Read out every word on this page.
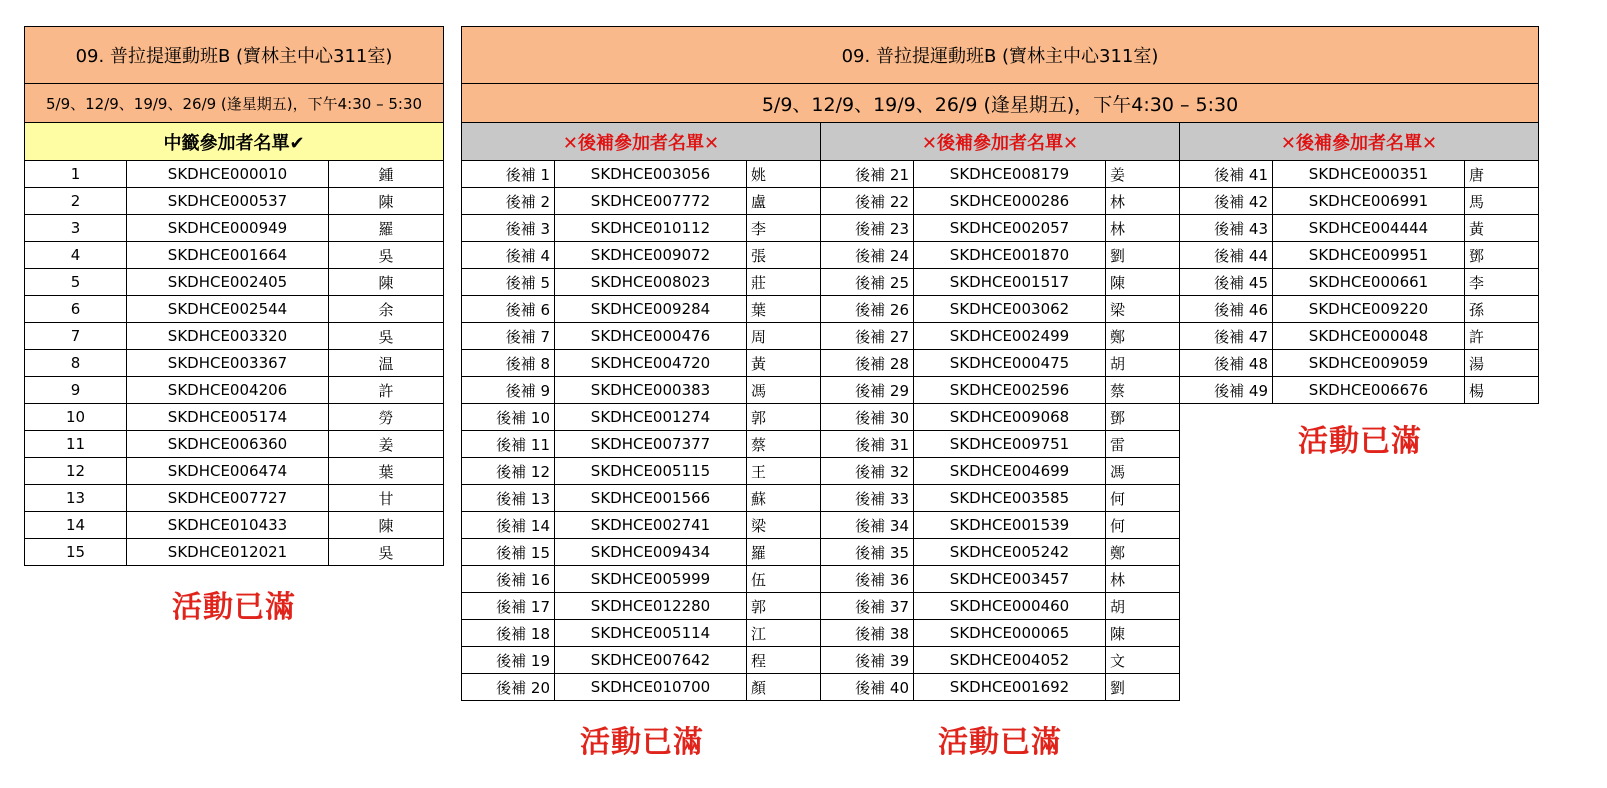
09. 普拉提運動班B (寶林主中心311室)		
5/9、12/9、19/9、26/9 (逢星期五)，下午4:30 – 5:30		
中籤參加者名單✔		
1	SKDHCE000010	鍾
2	SKDHCE000537	陳
3	SKDHCE000949	羅
4	SKDHCE001664	吳
5	SKDHCE002405	陳
6	SKDHCE002544	余
7	SKDHCE003320	吳
8	SKDHCE003367	温
9	SKDHCE004206	許
10	SKDHCE005174	勞
11	SKDHCE006360	姜
12	SKDHCE006474	葉
13	SKDHCE007727	甘
14	SKDHCE010433	陳
15	SKDHCE012021	吳
活動已滿
09. 普拉提運動班B (寶林主中心311室)								
5/9、12/9、19/9、26/9 (逢星期五)，下午4:30 – 5:30								
✕後補參加者名單✕			✕後補參加者名單✕			✕後補參加者名單✕		
後補 1	SKDHCE003056	姚	後補 21	SKDHCE008179	姜	後補 41	SKDHCE000351	唐
後補 2	SKDHCE007772	盧	後補 22	SKDHCE000286	林	後補 42	SKDHCE006991	馬
後補 3	SKDHCE010112	李	後補 23	SKDHCE002057	林	後補 43	SKDHCE004444	黃
後補 4	SKDHCE009072	張	後補 24	SKDHCE001870	劉	後補 44	SKDHCE009951	鄧
後補 5	SKDHCE008023	莊	後補 25	SKDHCE001517	陳	後補 45	SKDHCE000661	李
後補 6	SKDHCE009284	葉	後補 26	SKDHCE003062	梁	後補 46	SKDHCE009220	孫
後補 7	SKDHCE000476	周	後補 27	SKDHCE002499	鄭	後補 47	SKDHCE000048	許
後補 8	SKDHCE004720	黃	後補 28	SKDHCE000475	胡	後補 48	SKDHCE009059	湯
後補 9	SKDHCE000383	馮	後補 29	SKDHCE002596	蔡	後補 49	SKDHCE006676	楊
後補 10	SKDHCE001274	郭	後補 30	SKDHCE009068	鄧			
後補 11	SKDHCE007377	蔡	後補 31	SKDHCE009751	雷			
後補 12	SKDHCE005115	王	後補 32	SKDHCE004699	馮			
後補 13	SKDHCE001566	蘇	後補 33	SKDHCE003585	何			
後補 14	SKDHCE002741	梁	後補 34	SKDHCE001539	何			
後補 15	SKDHCE009434	羅	後補 35	SKDHCE005242	鄭			
後補 16	SKDHCE005999	伍	後補 36	SKDHCE003457	林			
後補 17	SKDHCE012280	郭	後補 37	SKDHCE000460	胡			
後補 18	SKDHCE005114	江	後補 38	SKDHCE000065	陳			
後補 19	SKDHCE007642	程	後補 39	SKDHCE004052	文			
後補 20	SKDHCE010700	顏	後補 40	SKDHCE001692	劉			
活動已滿	活動已滿
活動已滿
